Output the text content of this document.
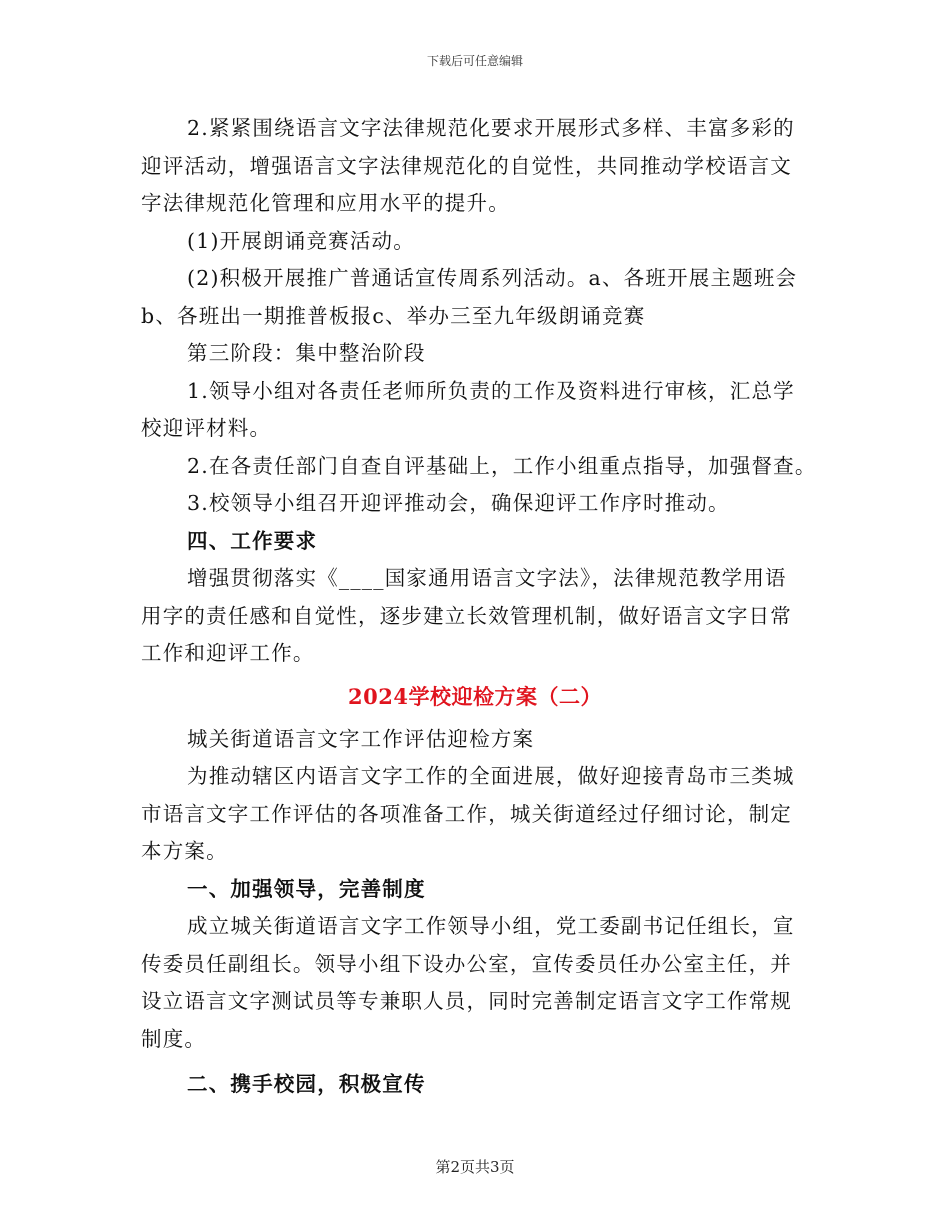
下载后可任意编辑
2.紧紧围绕语言文字法律规范化要求开展形式多样、丰富多彩的
迎评活动，增强语言文字法律规范化的自觉性，共同推动学校语言文
字法律规范化管理和应用水平的提升。
(1)开展朗诵竞赛活动。
(2)积极开展推广普通话宣传周系列活动。a、各班开展主题班会
b、各班出一期推普板报c、举办三至九年级朗诵竞赛
第三阶段：集中整治阶段
1.领导小组对各责任老师所负责的工作及资料进行审核，汇总学
校迎评材料。
2.在各责任部门自查自评基础上，工作小组重点指导，加强督查。
3.校领导小组召开迎评推动会，确保迎评工作序时推动。
四、工作要求
增强贯彻落实《____国家通用语言文字法》，法律规范教学用语
用字的责任感和自觉性，逐步建立长效管理机制，做好语言文字日常
工作和迎评工作。
2024学校迎检方案（二）
城关街道语言文字工作评估迎检方案
为推动辖区内语言文字工作的全面进展，做好迎接青岛市三类城
市语言文字工作评估的各项准备工作，城关街道经过仔细讨论，制定
本方案。
一、加强领导，完善制度
成立城关街道语言文字工作领导小组，党工委副书记任组长，宣
传委员任副组长。领导小组下设办公室，宣传委员任办公室主任，并
设立语言文字测试员等专兼职人员，同时完善制定语言文字工作常规
制度。
二、携手校园，积极宣传
第2页共3页
